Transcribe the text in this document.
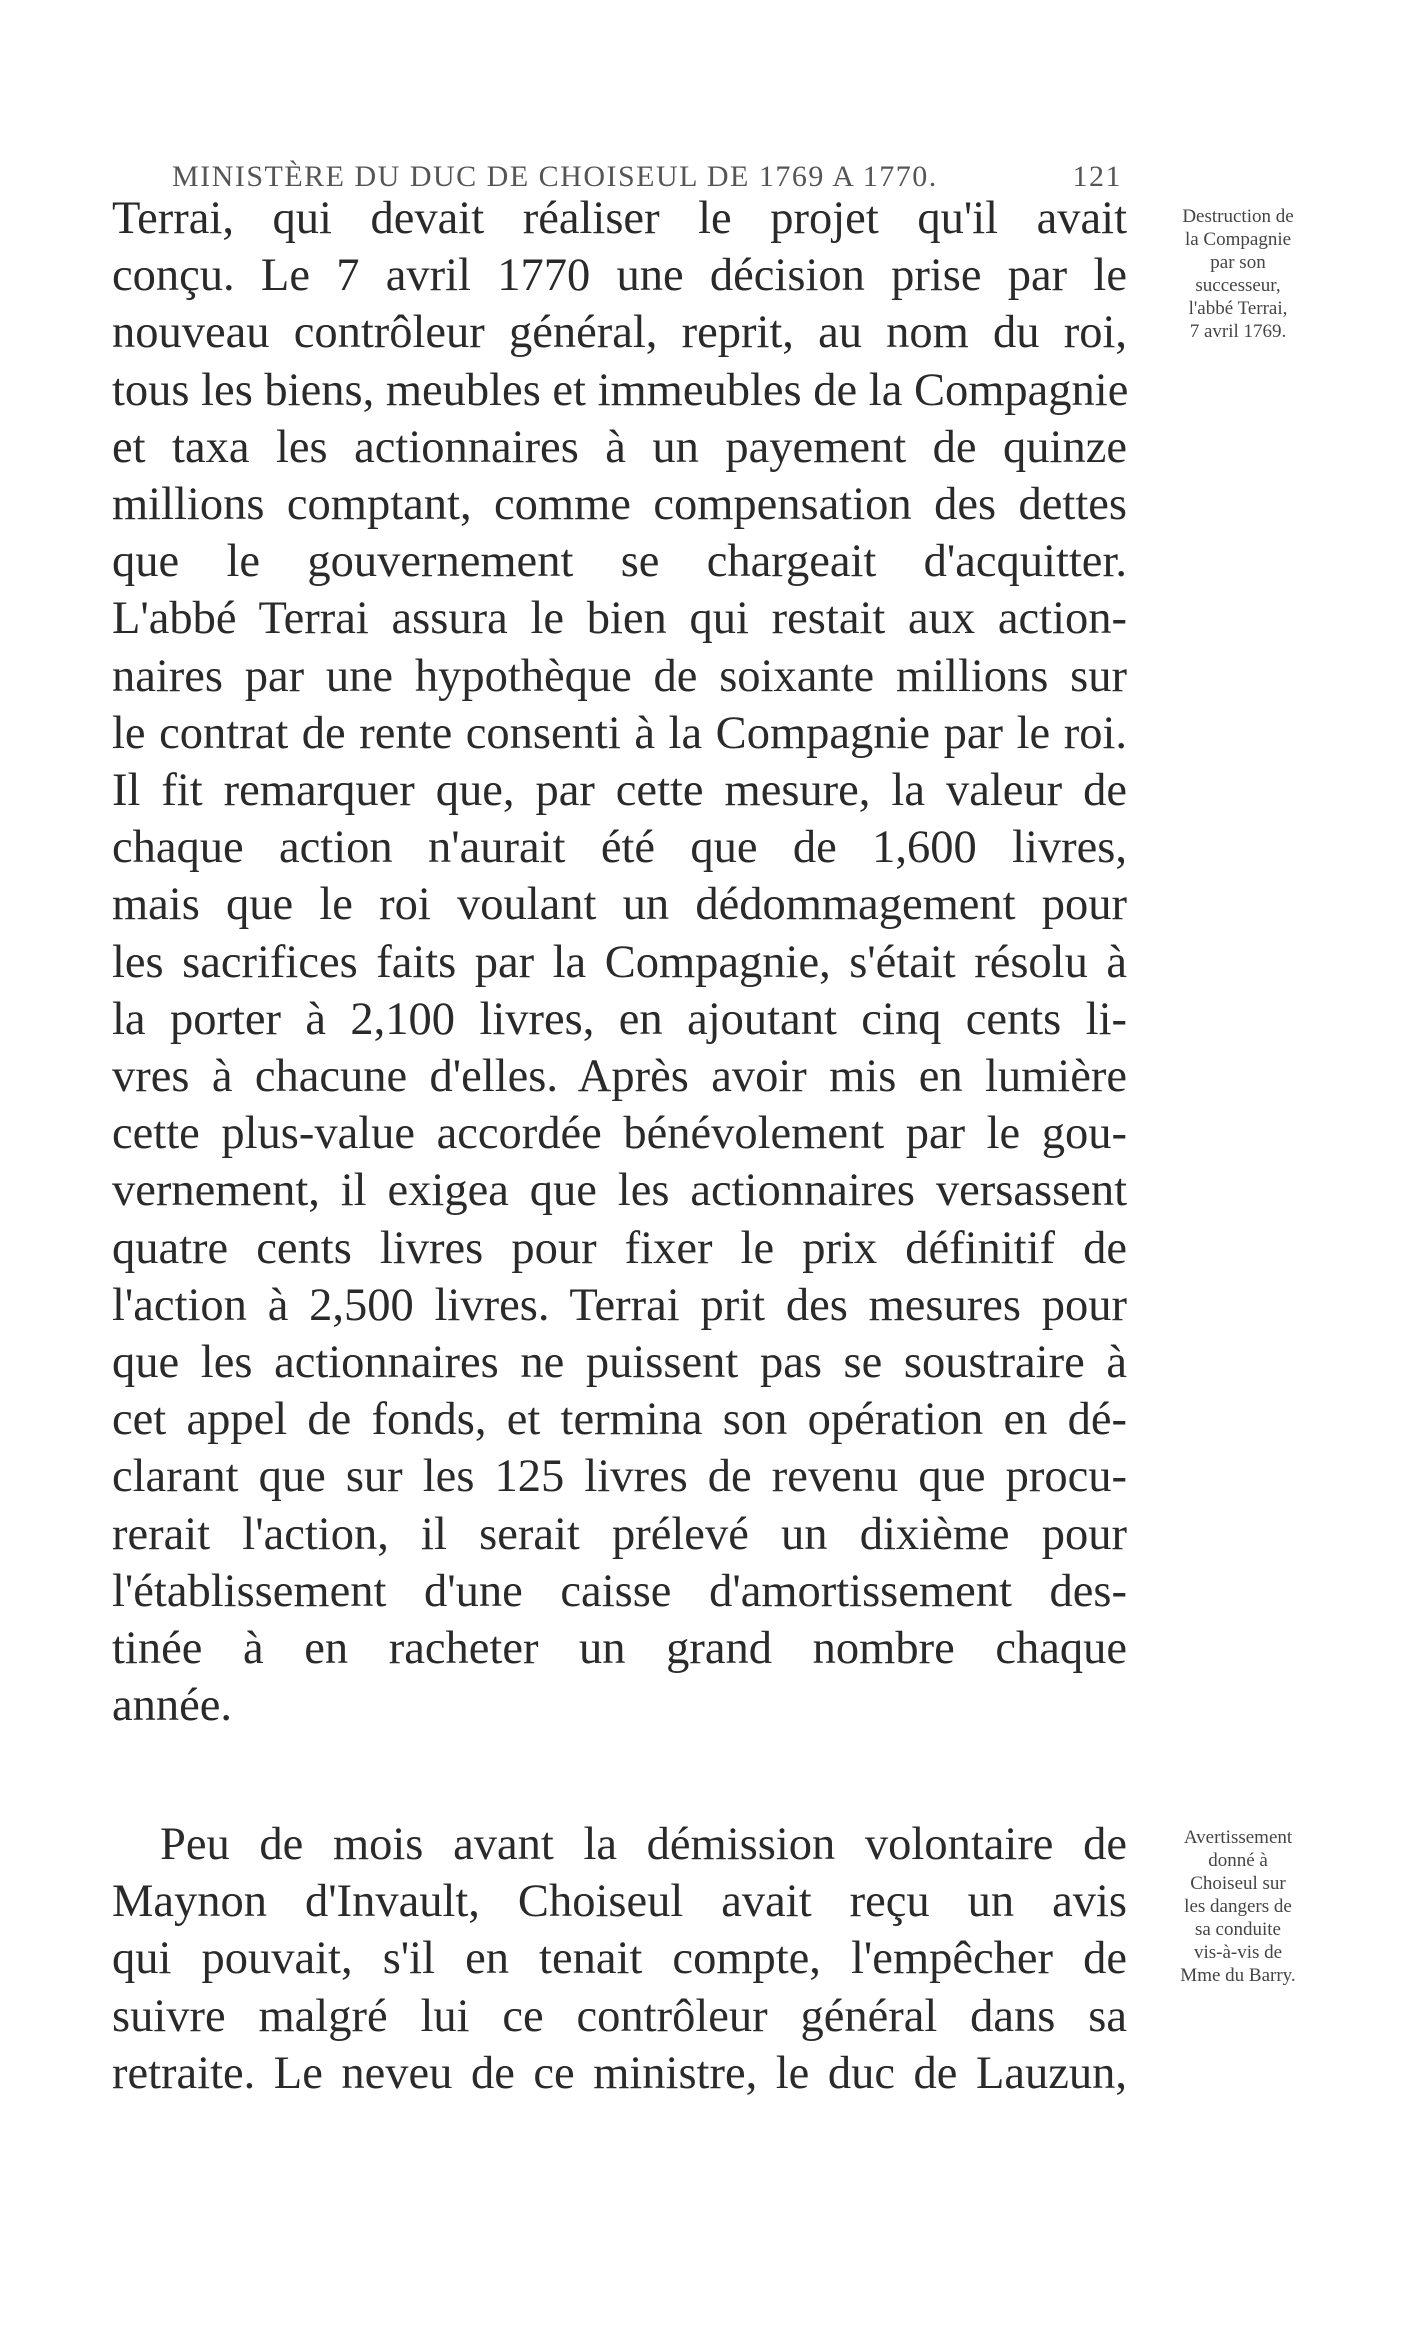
MINISTÈRE DU DUC DE CHOISEUL DE 1769 A 1770.	121
Terrai, qui devait réaliser le projet qu'il avait
conçu. Le 7 avril 1770 une décision prise par le
nouveau contrôleur général, reprit, au nom du roi,
tous les biens, meubles et immeubles de la Compagnie
et taxa les actionnaires à un payement de quinze
millions comptant, comme compensation des dettes
que le gouvernement se chargeait d'acquitter.
L'abbé Terrai assura le bien qui restait aux action-
naires par une hypothèque de soixante millions sur
le contrat de rente consenti à la Compagnie par le roi.
Il fit remarquer que, par cette mesure, la valeur de
chaque action n'aurait été que de 1,600 livres,
mais que le roi voulant un dédommagement pour
les sacrifices faits par la Compagnie, s'était résolu à
la porter à 2,100 livres, en ajoutant cinq cents li-
vres à chacune d'elles. Après avoir mis en lumière
cette plus-value accordée bénévolement par le gou-
vernement, il exigea que les actionnaires versassent
quatre cents livres pour fixer le prix définitif de
l'action à 2,500 livres. Terrai prit des mesures pour
que les actionnaires ne puissent pas se soustraire à
cet appel de fonds, et termina son opération en dé-
clarant que sur les 125 livres de revenu que procu-
rerait l'action, il serait prélevé un dixième pour
l'établissement d'une caisse d'amortissement des-
tinée à en racheter un grand nombre chaque
année.
Peu de mois avant la démission volontaire de
Maynon d'Invault, Choiseul avait reçu un avis
qui pouvait, s'il en tenait compte, l'empêcher de
suivre malgré lui ce contrôleur général dans sa
retraite. Le neveu de ce ministre, le duc de Lauzun,
Destruction de
la Compagnie
par son
successeur,
l'abbé Terrai,
7 avril 1769.
Avertissement
donné à
Choiseul sur
les dangers de
sa conduite
vis-à-vis de
Mme du Barry.
